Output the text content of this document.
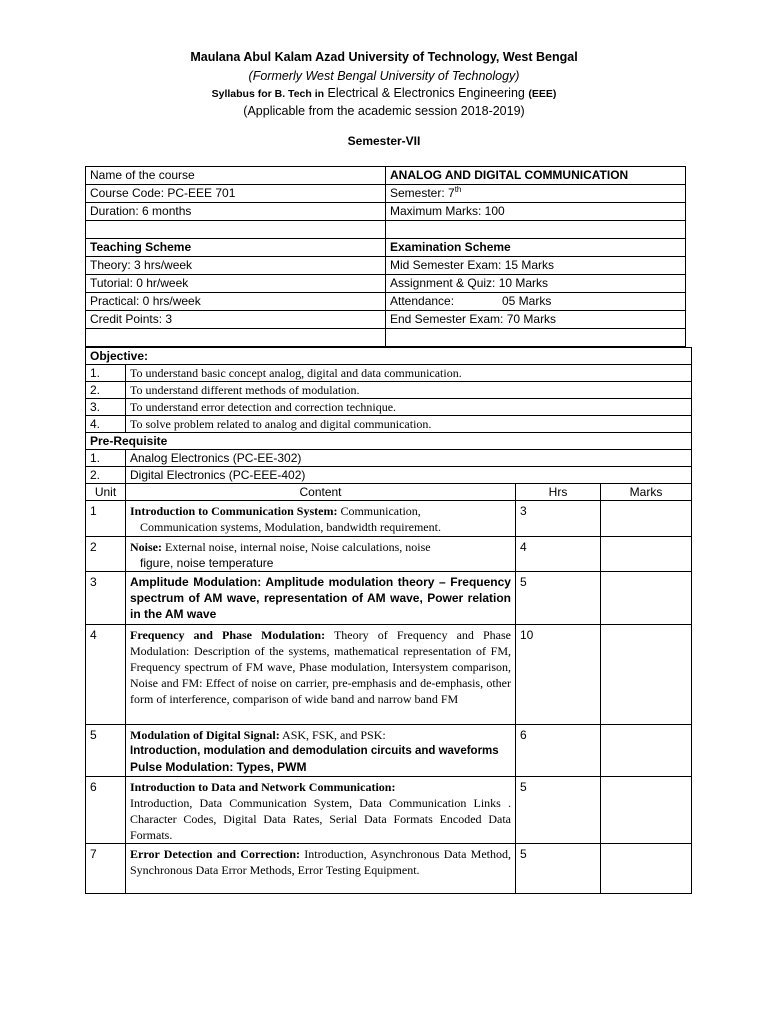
Maulana Abul Kalam Azad University of Technology, West Bengal
(Formerly West Bengal University of Technology)
Syllabus for B. Tech in Electrical & Electronics Engineering (EEE)
(Applicable from the academic session 2018-2019)
Semester-VII
Name of the course	ANALOG AND DIGITAL COMMUNICATION
Course Code: PC-EEE 701	Semester: 7th
Duration: 6 months	Maximum Marks: 100

Teaching Scheme	Examination Scheme
Theory: 3 hrs/week	Mid Semester Exam: 15 Marks
Tutorial: 0 hr/week	Assignment & Quiz: 10 Marks
Practical: 0 hrs/week	Attendance: 05 Marks
Credit Points: 3	End Semester Exam: 70 Marks

Objective:			
1.	To understand basic concept analog, digital and data communication.		
2.	To understand different methods of modulation.		
3.	To understand error detection and correction technique.		
4.	To solve problem related to analog and digital communication.		
Pre-Requisite			
1.	Analog Electronics (PC-EE-302)		
2.	Digital Electronics (PC-EEE-402)		
Unit	Content	Hrs	Marks
1	Introduction to Communication System: Communication,

Communication systems, Modulation, bandwidth requirement.	3	
2	Noise: External noise, internal noise, Noise calculations, noise

figure, noise temperature	4	
3	Amplitude Modulation: Amplitude modulation theory – Frequency spectrum of AM wave, representation of AM wave, Power relation in the AM wave	5	
4	Frequency and Phase Modulation: Theory of Frequency and Phase Modulation: Description of the systems, mathematical representation of FM, Frequency spectrum of FM wave, Phase modulation, Intersystem comparison, Noise and FM: Effect of noise on carrier, pre-emphasis and de-emphasis, other form of interference, comparison of wide band and narrow band FM	10	
5	Modulation of Digital Signal: ASK, FSK, and PSK:

Introduction, modulation and demodulation circuits and waveforms

Pulse Modulation: Types, PWM	6	
6	Introduction to Data and Network Communication:

Introduction, Data Communication System, Data Communication Links . Character Codes, Digital Data Rates, Serial Data Formats Encoded Data Formats.	5	
7	Error Detection and Correction: Introduction, Asynchronous Data Method, Synchronous Data Error Methods, Error Testing Equipment.	5	
